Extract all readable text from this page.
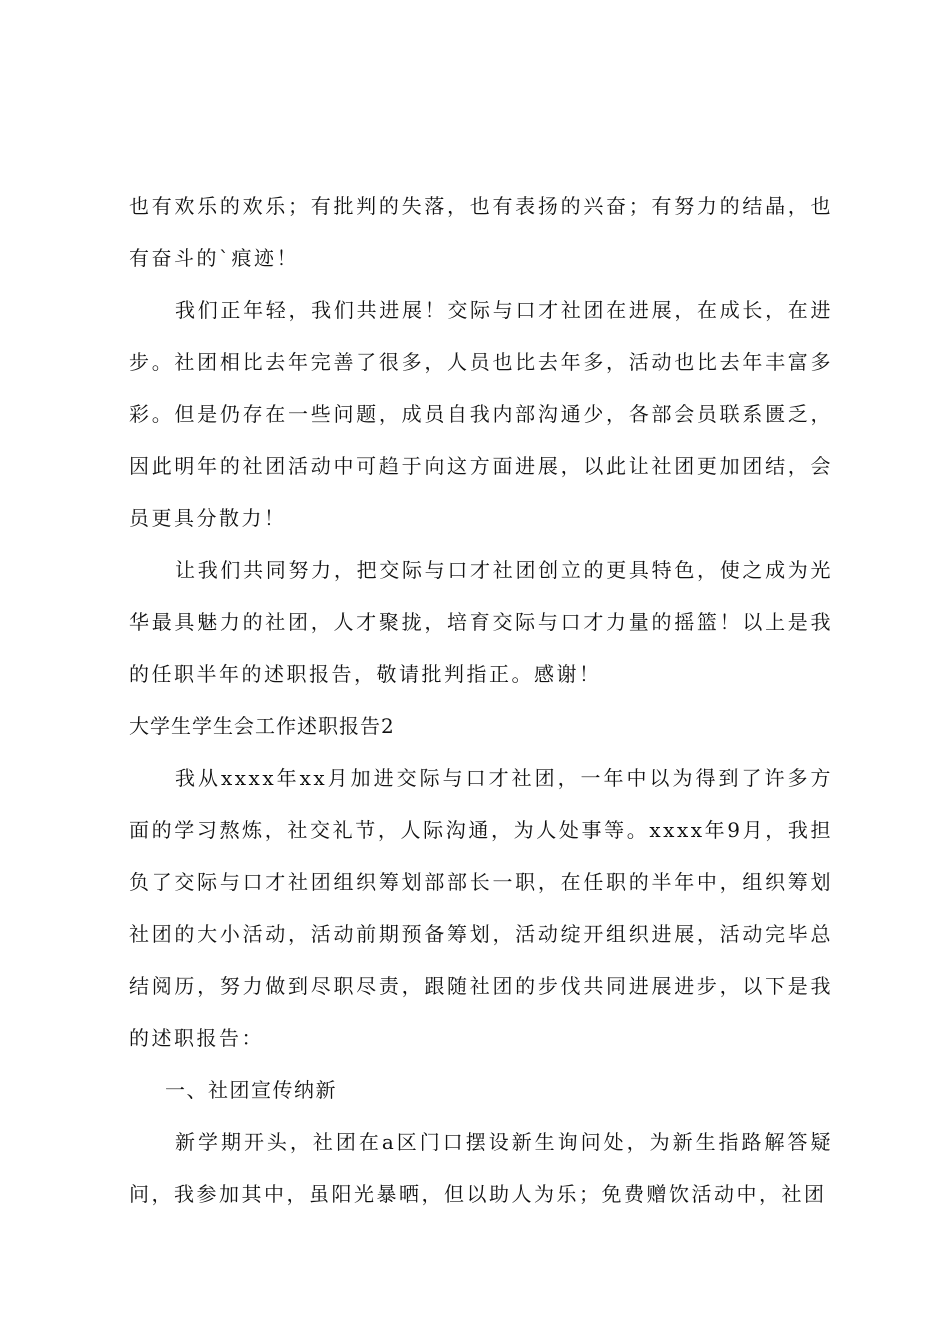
也有欢乐的欢乐；有批判的失落，也有表扬的兴奋；有努力的结晶，也有奋斗的`痕迹！

我们正年轻，我们共进展！交际与口才社团在进展，在成长，在进步。社团相比去年完善了很多，人员也比去年多，活动也比去年丰富多彩。但是仍存在一些问题，成员自我内部沟通少，各部会员联系匮乏，因此明年的社团活动中可趋于向这方面进展，以此让社团更加团结，会员更具分散力！

让我们共同努力，把交际与口才社团创立的更具特色，使之成为光华最具魅力的社团，人才聚拢，培育交际与口才力量的摇篮！以上是我的任职半年的述职报告，敬请批判指正。感谢！

大学生学生会工作述职报告2

我从xxxx年xx月加进交际与口才社团，一年中以为得到了许多方面的学习熬炼，社交礼节，人际沟通，为人处事等。xxxx年9月，我担负了交际与口才社团组织筹划部部长一职，在任职的半年中，组织筹划社团的大小活动，活动前期预备筹划，活动绽开组织进展，活动完毕总结阅历，努力做到尽职尽责，跟随社团的步伐共同进展进步，以下是我的述职报告：

一、社团宣传纳新

新学期开头，社团在a区门口摆设新生询问处，为新生指路解答疑问，我参加其中，虽阳光暴晒，但以助人为乐；免费赠饮活动中，社团
